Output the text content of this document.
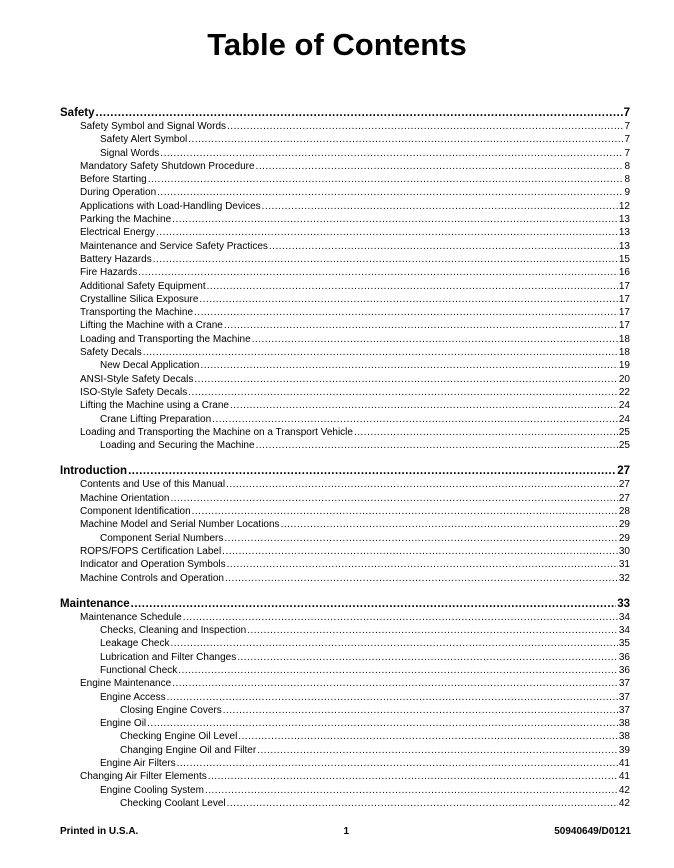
Table of Contents
Safety .....	7
Safety Symbol and Signal Words .....	7
Safety Alert Symbol .....	7
Signal Words .....	7
Mandatory Safety Shutdown Procedure .....	8
Before Starting .....	8
During Operation .....	9
Applications with Load-Handling Devices .....	12
Parking the Machine .....	13
Electrical Energy .....	13
Maintenance and Service Safety Practices .....	13
Battery Hazards .....	15
Fire Hazards .....	16
Additional Safety Equipment .....	17
Crystalline Silica Exposure .....	17
Transporting the Machine .....	17
Lifting the Machine with a Crane .....	17
Loading and Transporting the Machine .....	18
Safety Decals .....	18
New Decal Application .....	19
ANSI-Style Safety Decals .....	20
ISO-Style Safety Decals .....	22
Lifting the Machine using a Crane .....	24
Crane Lifting Preparation .....	24
Loading and Transporting the Machine on a Transport Vehicle .....	25
Loading and Securing the Machine .....	25
Introduction .....	27
Contents and Use of this Manual .....	27
Machine Orientation .....	27
Component Identification .....	28
Machine Model and Serial Number Locations .....	29
Component Serial Numbers .....	29
ROPS/FOPS Certification Label .....	30
Indicator and Operation Symbols .....	31
Machine Controls and Operation .....	32
Maintenance .....	33
Maintenance Schedule .....	34
Checks, Cleaning and Inspection .....	34
Leakage Check .....	35
Lubrication and Filter Changes .....	36
Functional Check .....	36
Engine Maintenance .....	37
Engine Access .....	37
Closing Engine Covers .....	37
Engine Oil .....	38
Checking Engine Oil Level .....	38
Changing Engine Oil and Filter .....	39
Engine Air Filters .....	41
Changing Air Filter Elements .....	41
Engine Cooling System .....	42
Checking Coolant Level .....	42
Printed in U.S.A.	1	50940649/D0121
